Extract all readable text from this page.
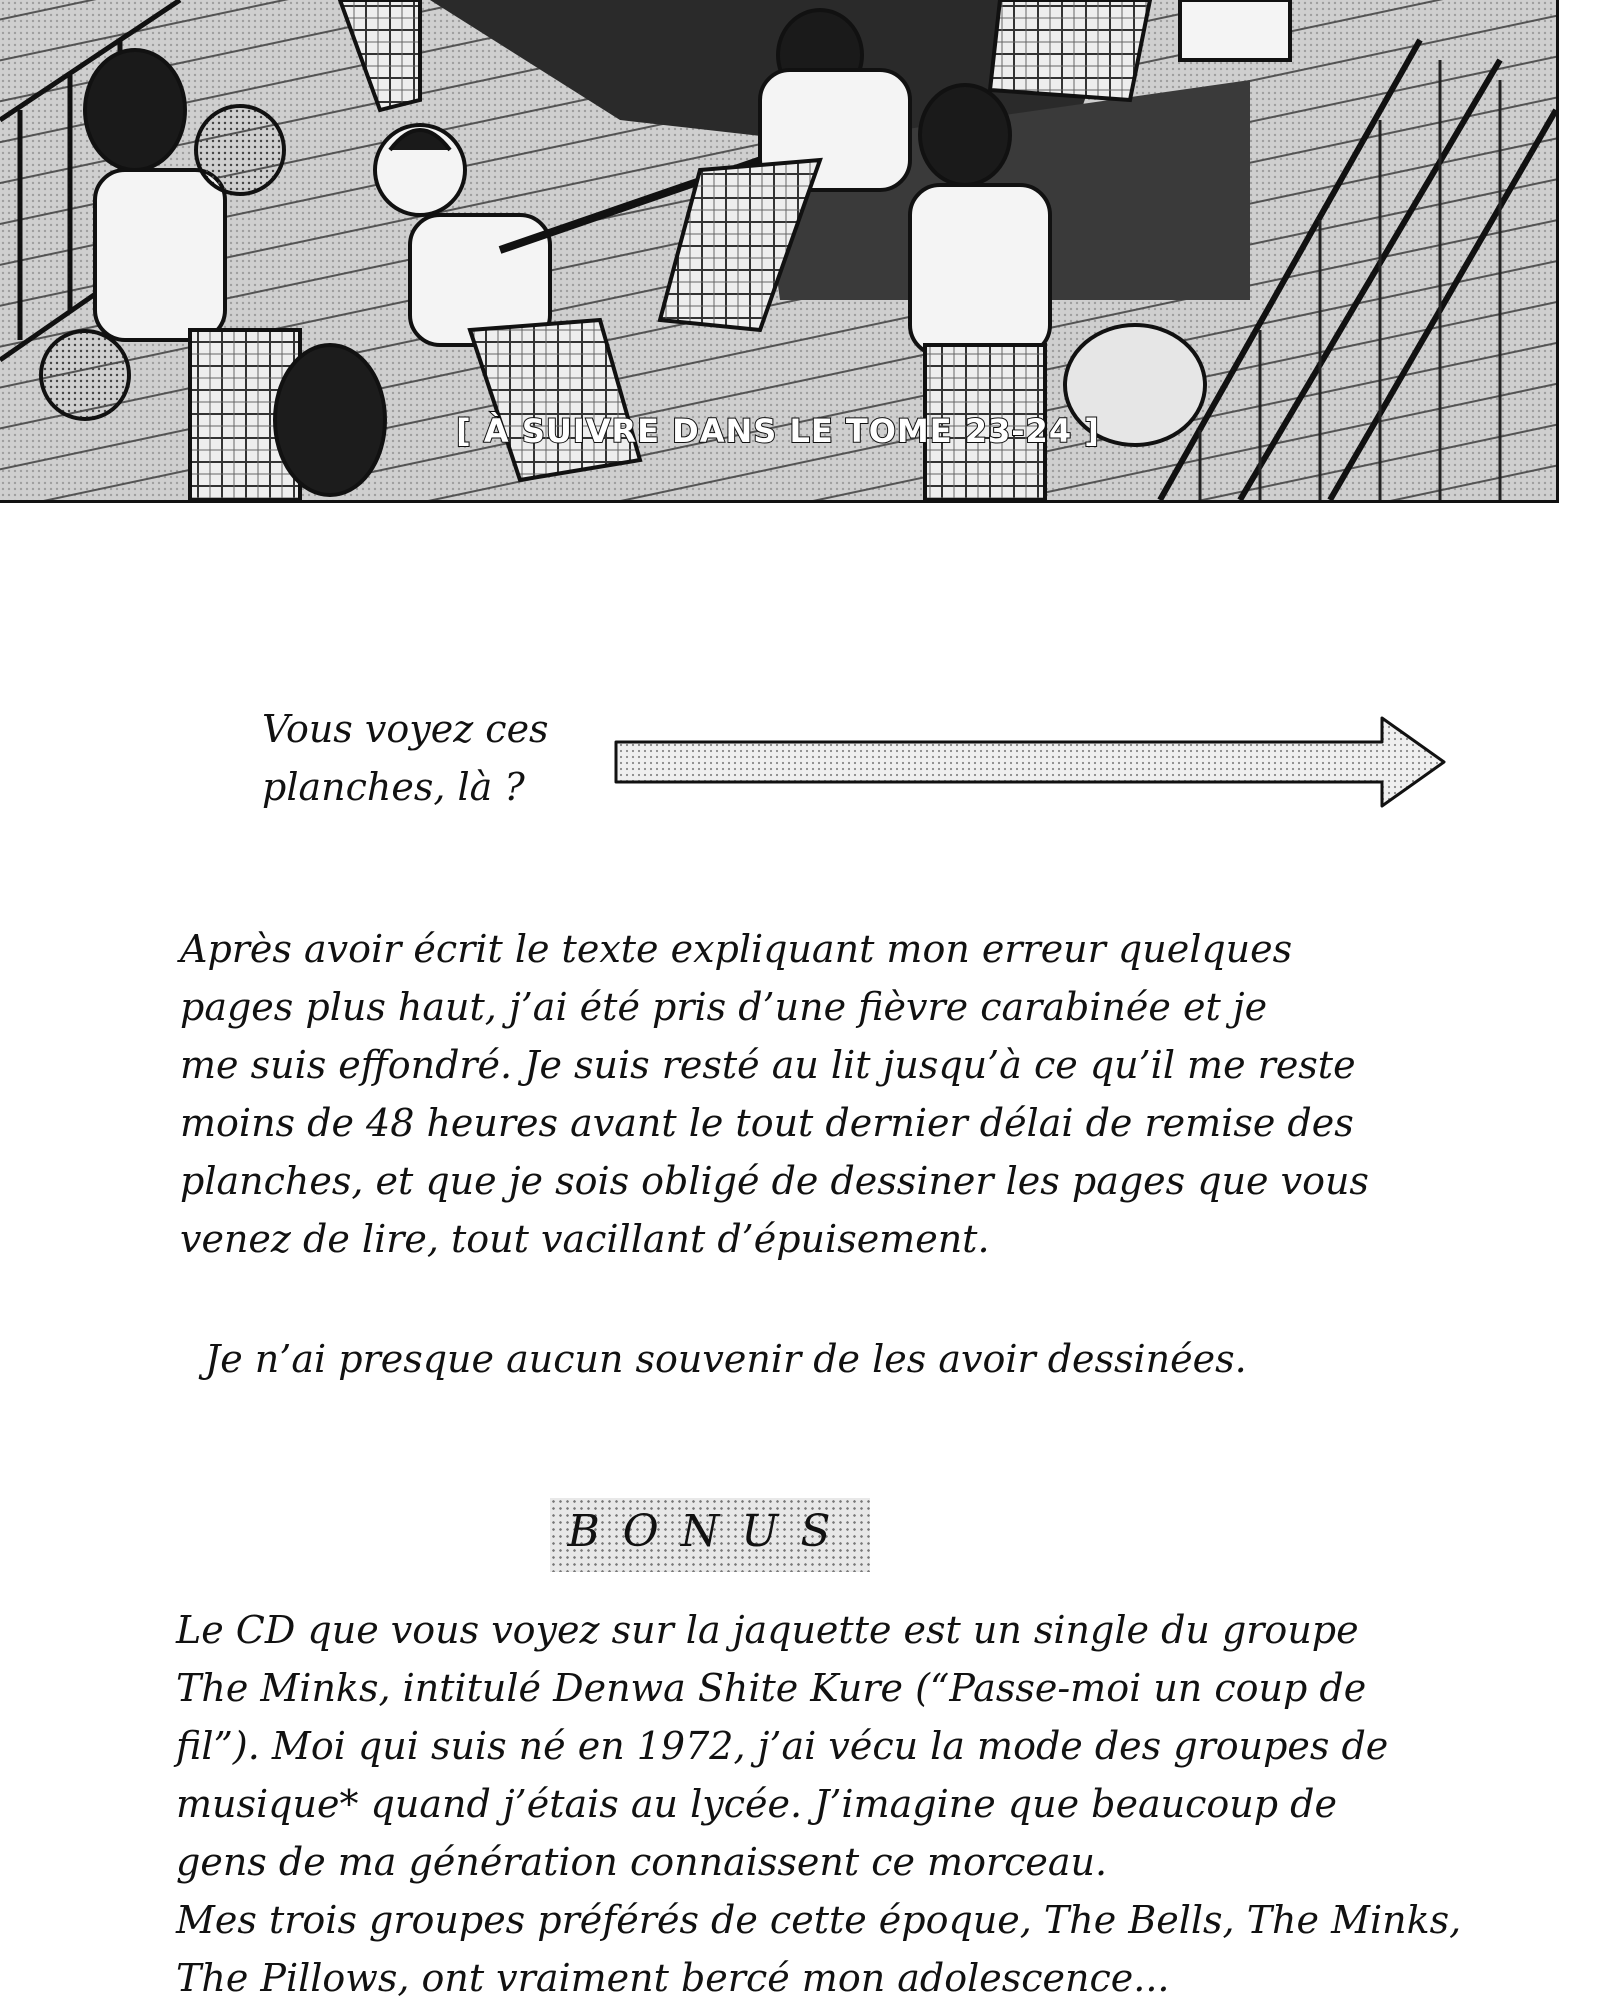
[ À SUIVRE DANS LE TOME 23-24 ]
Vous voyez ces
planches, là ?
Après avoir écrit le texte expliquant mon erreur quelques
pages plus haut, j’ai été pris d’une fièvre carabinée et je
me suis effondré. Je suis resté au lit jusqu’à ce qu’il me reste
moins de 48 heures avant le tout dernier délai de remise des
planches, et que je sois obligé de dessiner les pages que vous
venez de lire, tout vacillant d’épuisement.
Je n’ai presque aucun souvenir de les avoir dessinées.
BONUS
Le CD que vous voyez sur la jaquette est un single du groupe
The Minks, intitulé Denwa Shite Kure (“Passe-moi un coup de
fil”). Moi qui suis né en 1972, j’ai vécu la mode des groupes de
musique* quand j’étais au lycée. J’imagine que beaucoup de
gens de ma génération connaissent ce morceau.
Mes trois groupes préférés de cette époque, The Bells, The Minks,
The Pillows, ont vraiment bercé mon adolescence...
